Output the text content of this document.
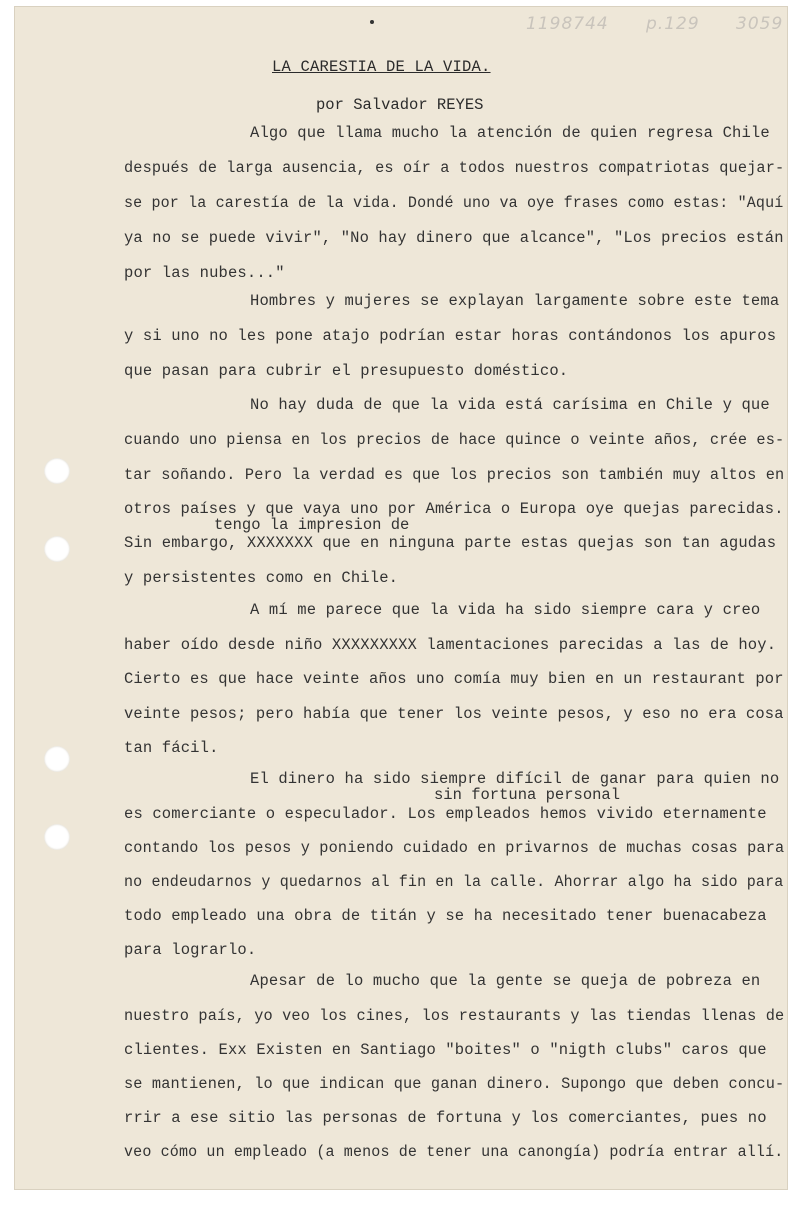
1198744 p.129 3059
LA CARESTIA DE LA VIDA.
por Salvador REYES
Algo que llama mucho la atención de quien regresa Chile
después de larga ausencia, es oír a todos nuestros compatriotas quejar-
se por la carestía de la vida. Dondé uno va oye frases como estas: "Aquí
ya no se puede vivir", "No hay dinero que alcance", "Los precios están
por las nubes..."
Hombres y mujeres se explayan largamente sobre este tema
y si uno no les pone atajo podrían estar horas contándonos los apuros
que pasan para cubrir el presupuesto doméstico.
No hay duda de que la vida está carísima en Chile y que
cuando uno piensa en los precios de hace quince o veinte años, crée es-
tar soñando. Pero la verdad es que los precios son también muy altos en
otros países y que vaya uno por América o Europa oye quejas parecidas.
tengo la impresion de
Sin embargo, XXXXXXX que en ninguna parte estas quejas son tan agudas
y persistentes como en Chile.
A mí me parece que la vida ha sido siempre cara y creo
haber oído desde niño XXXXXXXXX lamentaciones parecidas a las de hoy.
Cierto es que hace veinte años uno comía muy bien en un restaurant por
veinte pesos; pero había que tener los veinte pesos, y eso no era cosa
tan fácil.
El dinero ha sido siempre difícil de ganar para quien no
sin fortuna personal
es comerciante o especulador. Los empleados hemos vivido eternamente
contando los pesos y poniendo cuidado en privarnos de muchas cosas para
no endeudarnos y quedarnos al fin en la calle. Ahorrar algo ha sido para
todo empleado una obra de titán y se ha necesitado tener buenacabeza
para lograrlo.
Apesar de lo mucho que la gente se queja de pobreza en
nuestro país, yo veo los cines, los restaurants y las tiendas llenas de
clientes. Exx Existen en Santiago "boites" o "nigth clubs" caros que
se mantienen, lo que indican que ganan dinero. Supongo que deben concu-
rrir a ese sitio las personas de fortuna y los comerciantes, pues no
veo cómo un empleado (a menos de tener una canongía) podría entrar allí.
